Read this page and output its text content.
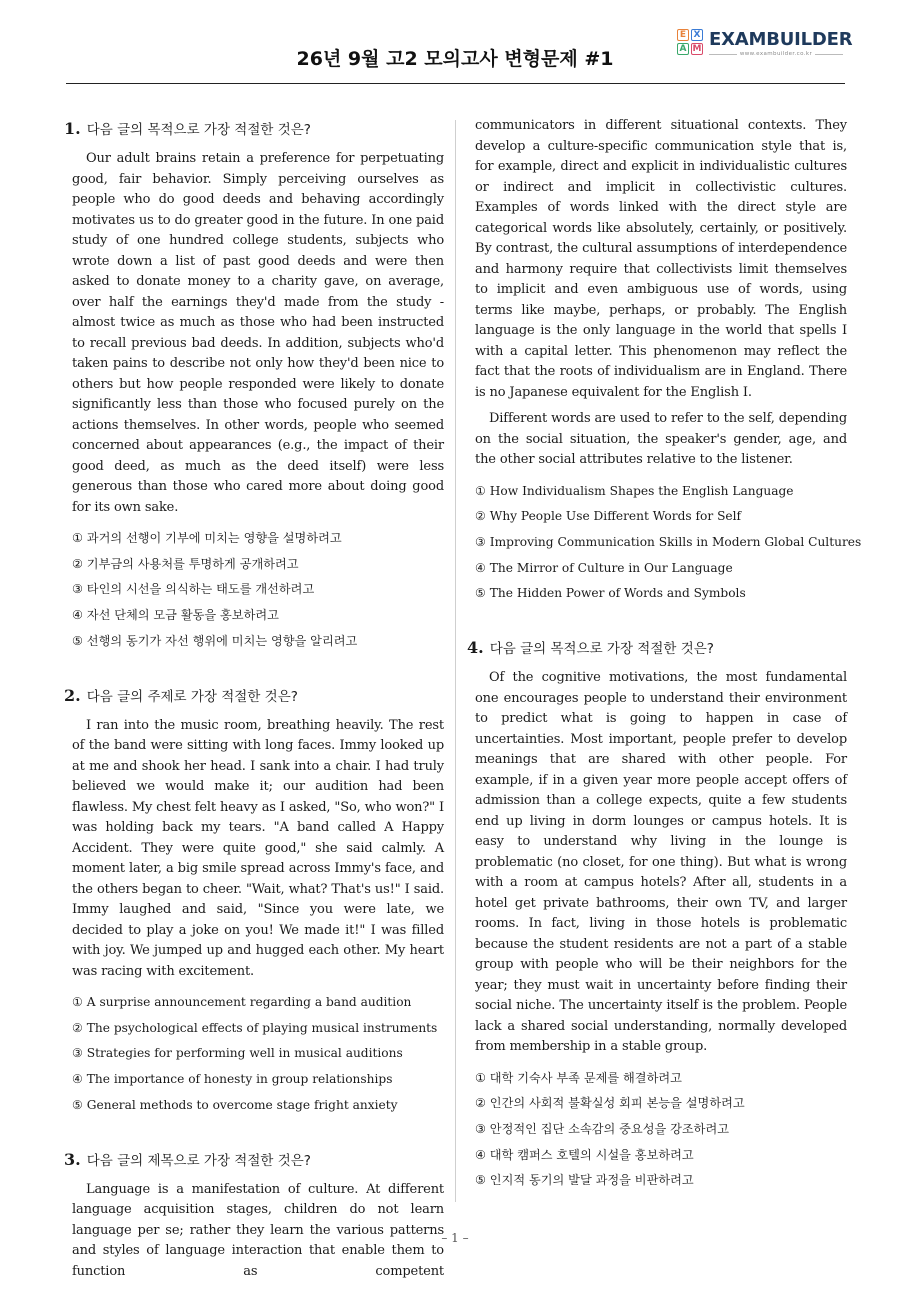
26년 9월 고2 모의고사 변형문제 #1
E X
A M EXAMBUILDER
www.exambuilder.co.kr
1. 다음 글의 목적으로 가장 적절한 것은?

Our adult brains retain a preference for perpetuating good, fair behavior. Simply perceiving ourselves as people who do good deeds and behaving accordingly motivates us to do greater good in the future. In one paid study of one hundred college students, subjects who wrote down a list of past good deeds and were then asked to donate money to a charity gave, on average, over half the earnings they'd made from the study - almost twice as much as those who had been instructed to recall previous bad deeds. In addition, subjects who'd taken pains to describe not only how they'd been nice to others but how people responded were likely to donate significantly less than those who focused purely on the actions themselves. In other words, people who seemed concerned about appearances (e.g., the impact of their good deed, as much as the deed itself) were less generous than those who cared more about doing good for its own sake.

① 과거의 선행이 기부에 미치는 영향을 설명하려고
② 기부금의 사용처를 투명하게 공개하려고
③ 타인의 시선을 의식하는 태도를 개선하려고
④ 자선 단체의 모금 활동을 홍보하려고
⑤ 선행의 동기가 자선 행위에 미치는 영향을 알리려고
2. 다음 글의 주제로 가장 적절한 것은?

I ran into the music room, breathing heavily. The rest of the band were sitting with long faces. Immy looked up at me and shook her head. I sank into a chair. I had truly believed we would make it; our audition had been flawless. My chest felt heavy as I asked, "So, who won?" I was holding back my tears. "A band called A Happy Accident. They were quite good," she said calmly. A moment later, a big smile spread across Immy's face, and the others began to cheer. "Wait, what? That's us!" I said. Immy laughed and said, "Since you were late, we decided to play a joke on you! We made it!" I was filled with joy. We jumped up and hugged each other. My heart was racing with excitement.

① A surprise announcement regarding a band audition
② The psychological effects of playing musical instruments
③ Strategies for performing well in musical auditions
④ The importance of honesty in group relationships
⑤ General methods to overcome stage fright anxiety
3. 다음 글의 제목으로 가장 적절한 것은?

Language is a manifestation of culture. At different language acquisition stages, children do not learn language per se; rather they learn the various patterns and styles of language interaction that enable them to function as competent

communicators in different situational contexts. They develop a culture-specific communication style that is, for example, direct and explicit in individualistic cultures or indirect and implicit in collectivistic cultures. Examples of words linked with the direct style are categorical words like absolutely, certainly, or positively. By contrast, the cultural assumptions of interdependence and harmony require that collectivists limit themselves to implicit and even ambiguous use of words, using terms like maybe, perhaps, or probably. The English language is the only language in the world that spells I with a capital letter. This phenomenon may reflect the fact that the roots of individualism are in England. There is no Japanese equivalent for the English I.

Different words are used to refer to the self, depending on the social situation, the speaker's gender, age, and the other social attributes relative to the listener.

① How Individualism Shapes the English Language
② Why People Use Different Words for Self
③ Improving Communication Skills in Modern Global Cultures
④ The Mirror of Culture in Our Language
⑤ The Hidden Power of Words and Symbols
4. 다음 글의 목적으로 가장 적절한 것은?

Of the cognitive motivations, the most fundamental one encourages people to understand their environment to predict what is going to happen in case of uncertainties. Most important, people prefer to develop meanings that are shared with other people. For example, if in a given year more people accept offers of admission than a college expects, quite a few students end up living in dorm lounges or campus hotels. It is easy to understand why living in the lounge is problematic (no closet, for one thing). But what is wrong with a room at campus hotels? After all, students in a hotel get private bathrooms, their own TV, and larger rooms. In fact, living in those hotels is problematic because the student residents are not a part of a stable group with people who will be their neighbors for the year; they must wait in uncertainty before finding their social niche. The uncertainty itself is the problem. People lack a shared social understanding, normally developed from membership in a stable group.

① 대학 기숙사 부족 문제를 해결하려고
② 인간의 사회적 불확실성 회피 본능을 설명하려고
③ 안정적인 집단 소속감의 중요성을 강조하려고
④ 대학 캠퍼스 호텔의 시설을 홍보하려고
⑤ 인지적 동기의 발달 과정을 비판하려고
– 1 –
